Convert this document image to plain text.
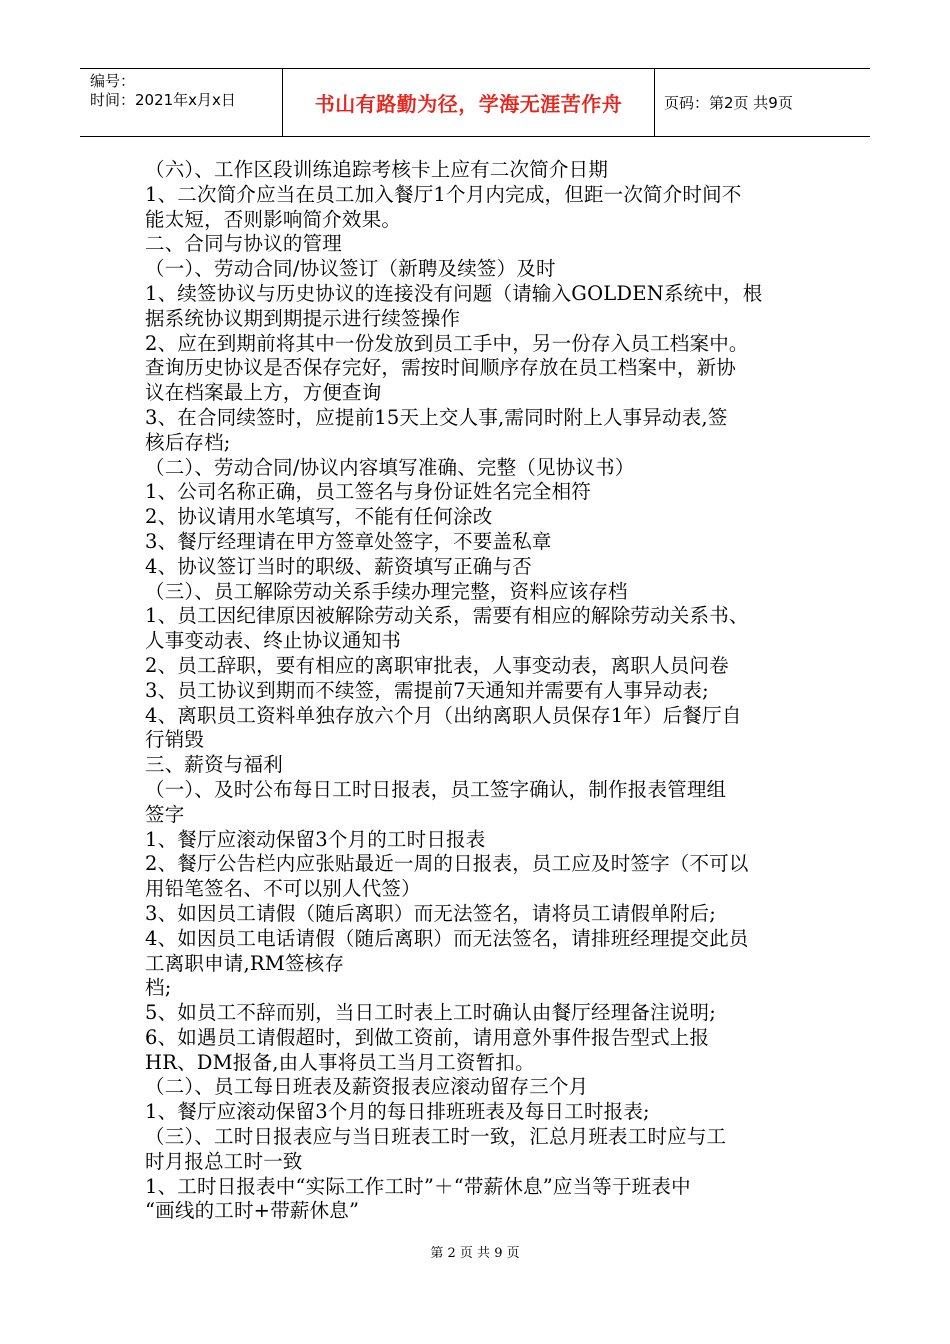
编号：
时间：2021年x月x日	书山有路勤为径，学海无涯苦作舟	页码：第2页 共9页

（六）、工作区段训练追踪考核卡上应有二次简介日期

1、二次简介应当在员工加入餐厅1个月内完成，但距一次简介时间不

能太短，否则影响简介效果。

二、合同与协议的管理

（一）、劳动合同/协议签订（新聘及续签）及时

1、续签协议与历史协议的连接没有问题（请输入GOLDEN系统中，根

据系统协议期到期提示进行续签操作

2、应在到期前将其中一份发放到员工手中，另一份存入员工档案中。

查询历史协议是否保存完好，需按时间顺序存放在员工档案中，新协

议在档案最上方，方便查询

3、在合同续签时，应提前15天上交人事,需同时附上人事异动表,签

核后存档;

（二）、劳动合同/协议内容填写准确、完整（见协议书）

1、公司名称正确，员工签名与身份证姓名完全相符

2、协议请用水笔填写，不能有任何涂改

3、餐厅经理请在甲方签章处签字，不要盖私章

4、协议签订当时的职级、薪资填写正确与否

（三）、员工解除劳动关系手续办理完整，资料应该存档

1、员工因纪律原因被解除劳动关系，需要有相应的解除劳动关系书、

人事变动表、终止协议通知书

2、员工辞职，要有相应的离职审批表，人事变动表，离职人员问卷

3、员工协议到期而不续签，需提前7天通知并需要有人事异动表;

4、离职员工资料单独存放六个月（出纳离职人员保存1年）后餐厅自

行销毁

三、薪资与福利

（一）、及时公布每日工时日报表，员工签字确认，制作报表管理组

签字

1、餐厅应滚动保留3个月的工时日报表

2、餐厅公告栏内应张贴最近一周的日报表，员工应及时签字（不可以

用铅笔签名、不可以别人代签）

3、如因员工请假（随后离职）而无法签名，请将员工请假单附后;

4、如因员工电话请假（随后离职）而无法签名，请排班经理提交此员

工离职申请,RM签核存

档;

5、如员工不辞而别，当日工时表上工时确认由餐厅经理备注说明;

6、如遇员工请假超时，到做工资前，请用意外事件报告型式上报

HR、DM报备,由人事将员工当月工资暂扣。

（二）、员工每日班表及薪资报表应滚动留存三个月

1、餐厅应滚动保留3个月的每日排班班表及每日工时报表;

（三）、工时日报表应与当日班表工时一致，汇总月班表工时应与工

时月报总工时一致

1、工时日报表中“实际工作工时”＋“带薪休息”应当等于班表中

“画线的工时+带薪休息”

第 2 页 共 9 页
